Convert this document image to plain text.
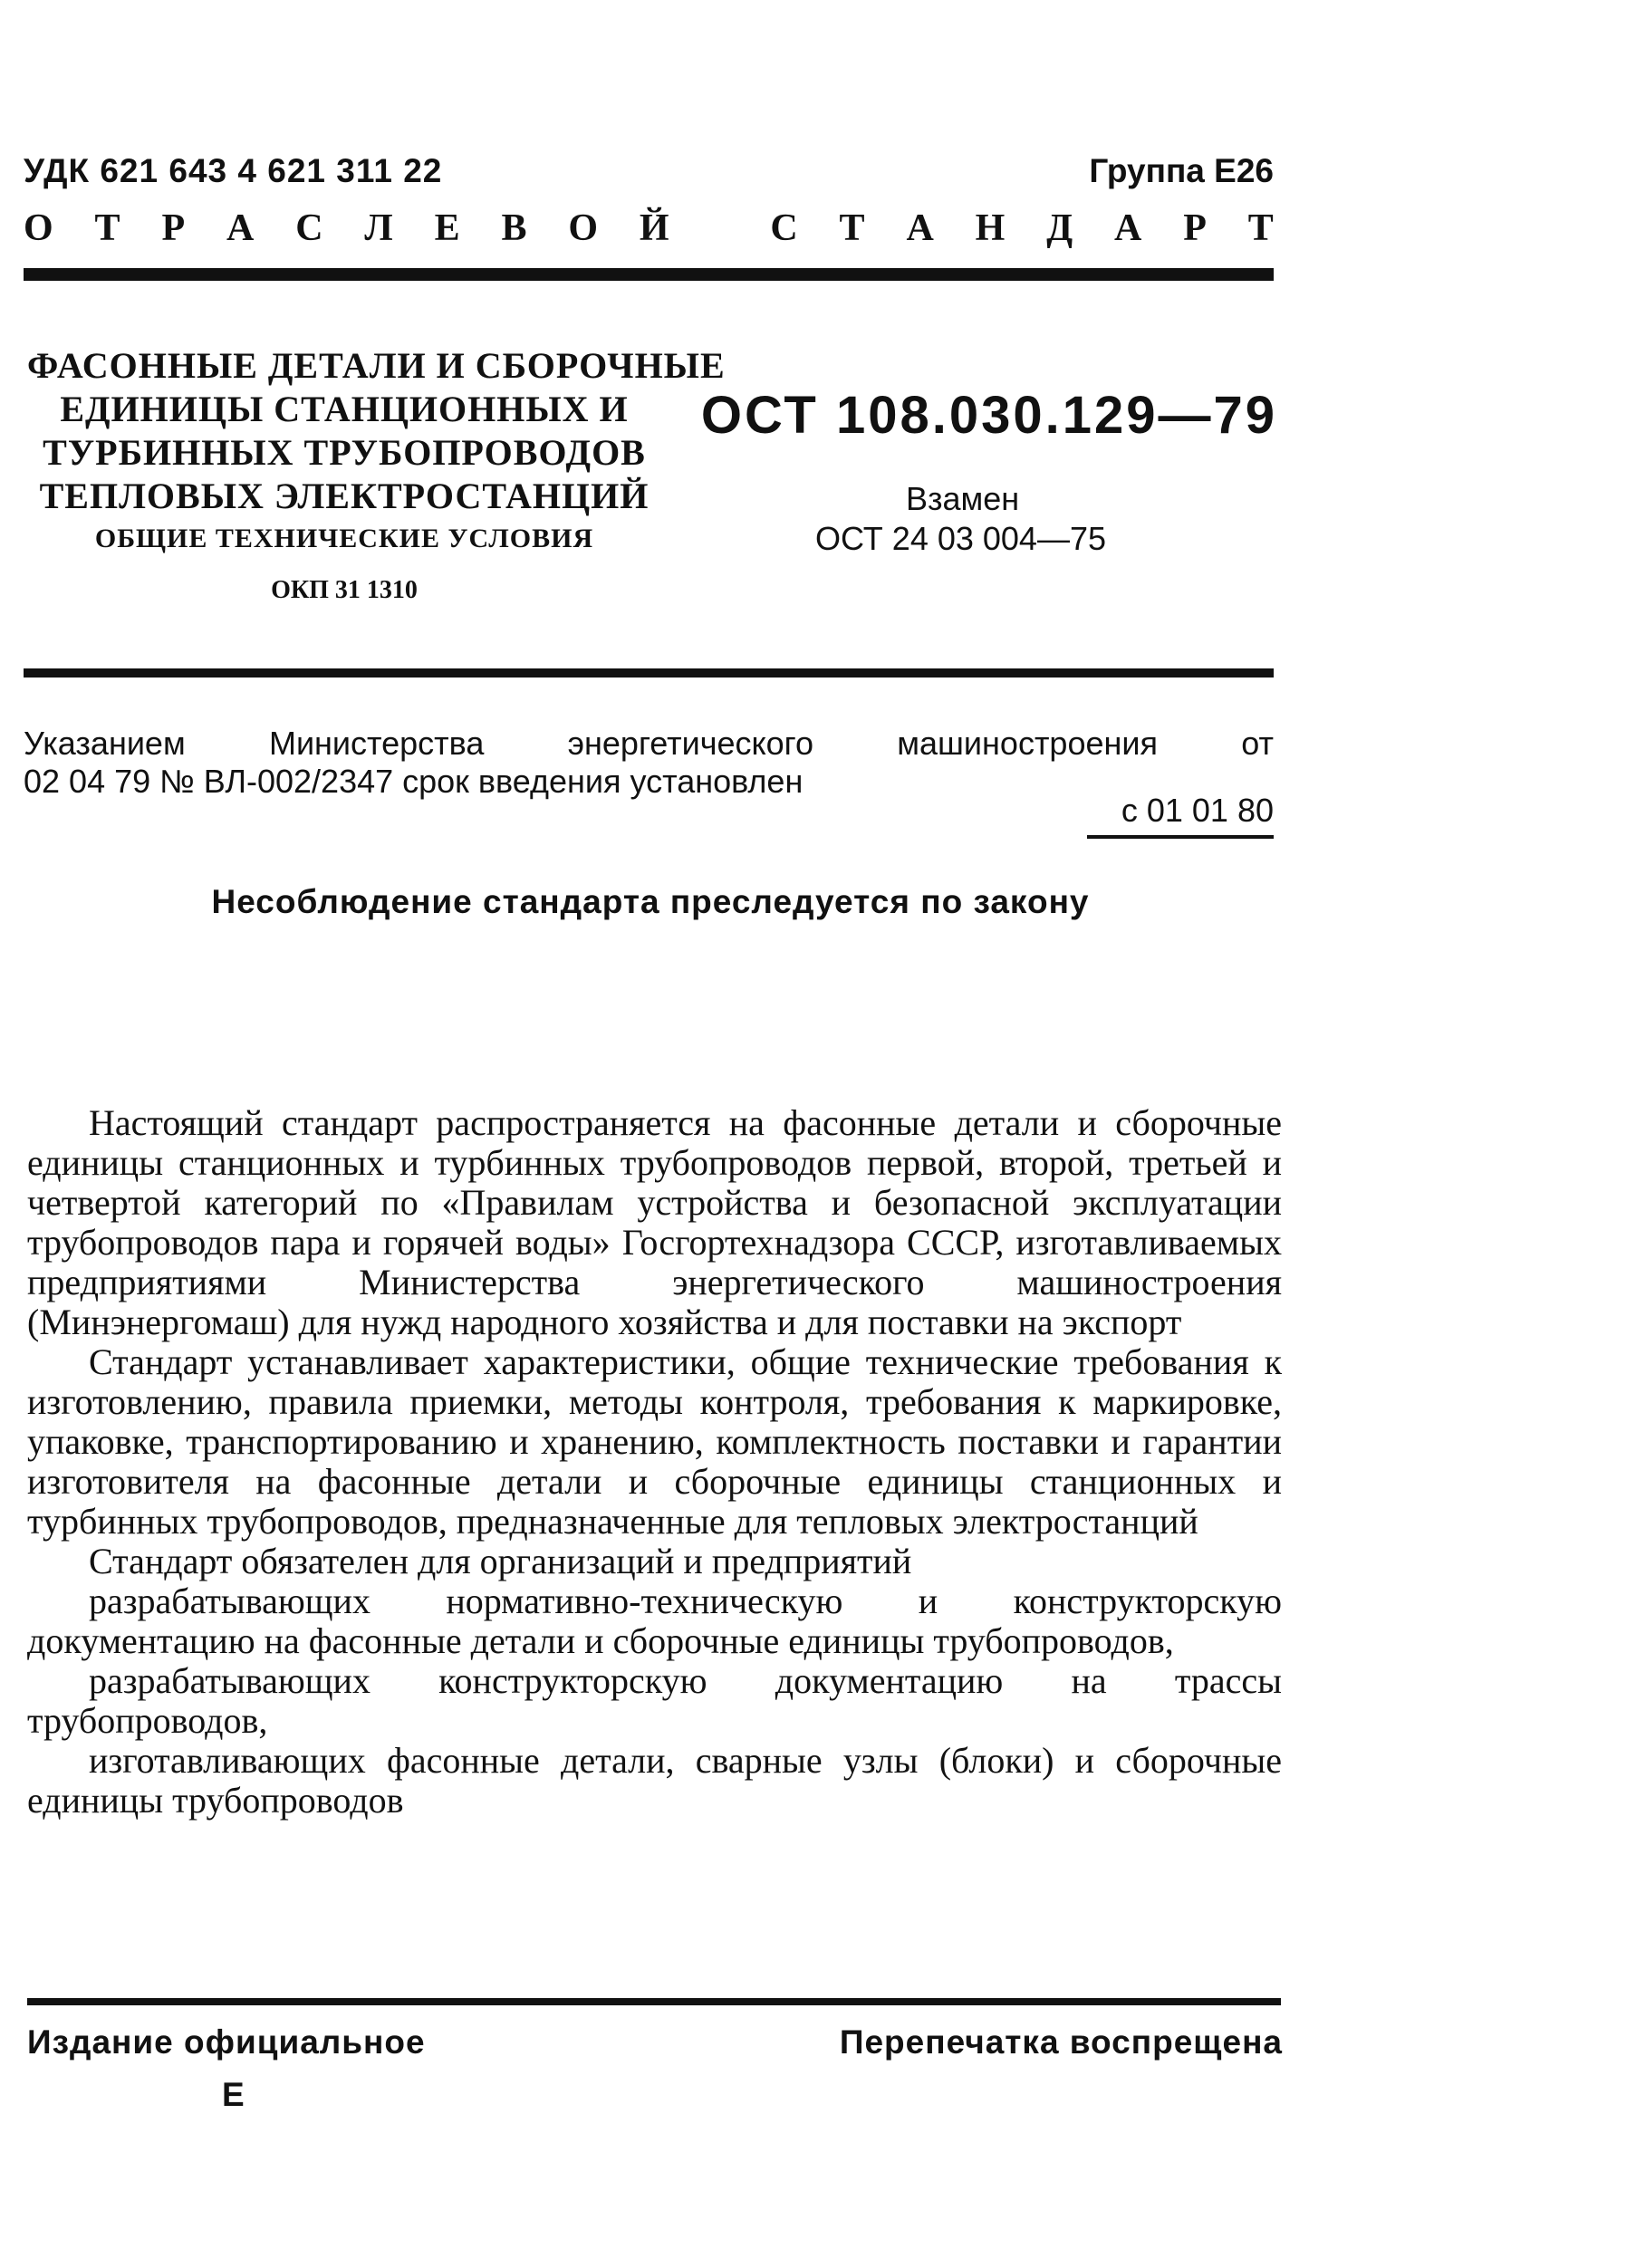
УДК 621 643 4 621 311 22	Группа Е26
О Т Р А С Л Е В О Й	С Т А Н Д А Р Т
ФАСОННЫЕ ДЕТАЛИ И СБОРОЧНЫЕ
ЕДИНИЦЫ СТАНЦИОННЫХ И
ТУРБИННЫХ ТРУБОПРОВОДОВ
ТЕПЛОВЫХ ЭЛЕКТРОСТАНЦИЙ
ОБЩИЕ ТЕХНИЧЕСКИЕ УСЛОВИЯ
ОКП 31 1310
ОСТ 108.030.129—79
Взамен
ОСТ 24 03 004—75
Указанием	Министерства	энергетического	машиностроения	от
02 04 79 № ВЛ-002/2347 срок введения установлен
с 01 01 80
Несоблюдение стандарта преследуется по закону

Настоящий стандарт распространяется на фасонные детали и сборочные единицы станционных и турбинных трубопроводов первой, второй, третьей и четвертой категорий по «Правилам устройства и безопасной эксплуатации трубопроводов пара и горячей воды» Госгортехнадзора СССР, изготавливаемых предприятиями Министерства энергетического машиностроения (Минэнергомаш) для нужд народного хозяйства и для поставки на экспорт

Стандарт устанавливает характеристики, общие технические требования к изготовлению, правила приемки, методы контроля, требования к маркировке, упаковке, транспортированию и хранению, комплектность поставки и гарантии изготовителя на фасонные детали и сборочные единицы станционных и турбинных трубопроводов, предназначенные для тепловых электростанций

Стандарт обязателен для организаций и предприятий

разрабатывающих нормативно-техническую и конструкторскую документацию на фасонные детали и сборочные единицы трубопроводов,

разрабатывающих конструкторскую документацию на трассы трубопроводов,

изготавливающих фасонные детали, сварные узлы (блоки) и сборочные единицы трубопроводов

Издание официальное	Перепечатка воспрещена
Е
